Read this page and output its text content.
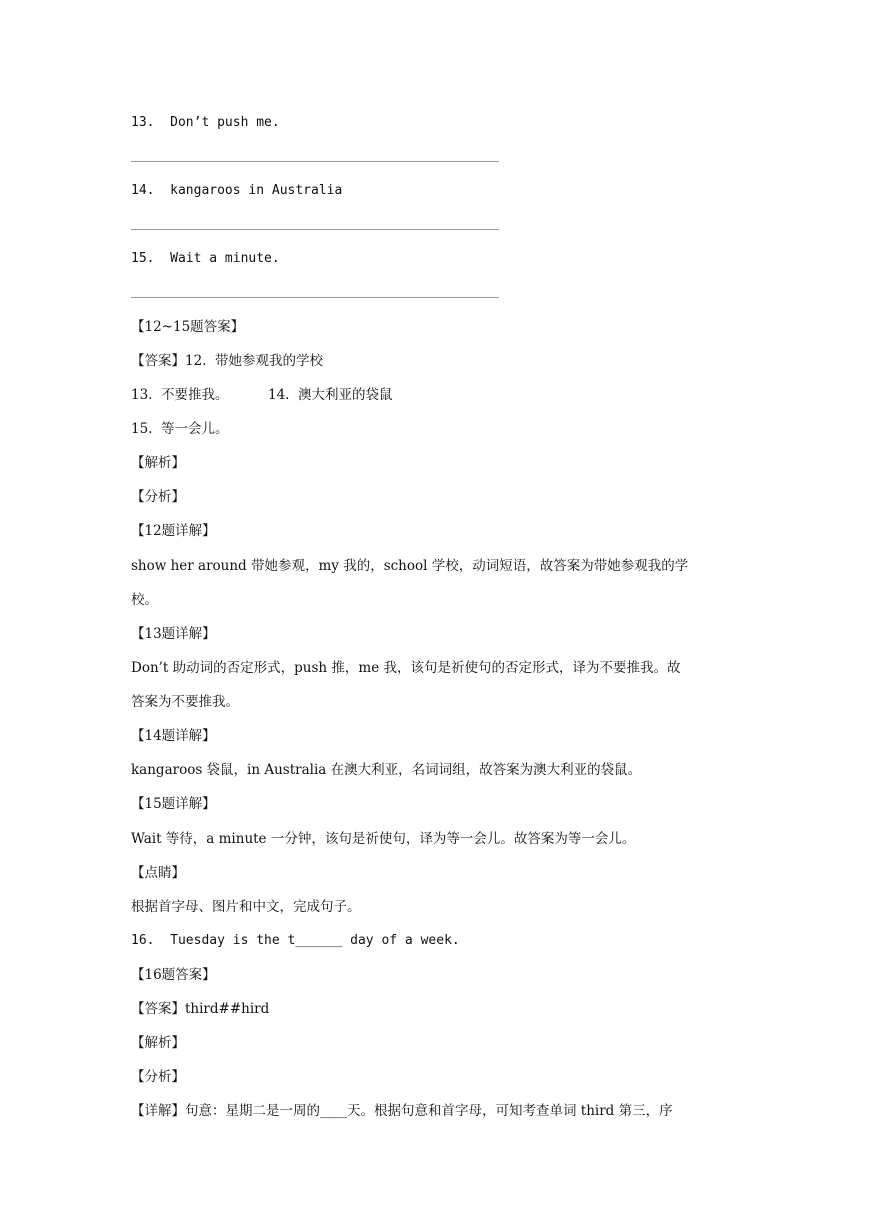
13.  Don’t push me.
14.  kangaroos in Australia
15.  Wait a minute.
【12~15题答案】
【答案】12.  带她参观我的学校
13.  不要推我。	14.  澳大利亚的袋鼠
15.  等一会儿。
【解析】
【分析】
【12题详解】
show her around 带她参观，my 我的，school 学校，动词短语，故答案为带她参观我的学
校。
【13题详解】
Don’t 助动词的否定形式，push 推，me 我，该句是祈使句的否定形式，译为不要推我。故
答案为不要推我。
【14题详解】
kangaroos 袋鼠，in Australia 在澳大利亚，名词词组，故答案为澳大利亚的袋鼠。
【15题详解】
Wait 等待，a minute 一分钟，该句是祈使句，译为等一会儿。故答案为等一会儿。
【点睛】
根据首字母、图片和中文，完成句子。
16.  Tuesday is the t______ day of a week.
【16题答案】
【答案】third##hird
【解析】
【分析】
【详解】句意：星期二是一周的____天。根据句意和首字母，可知考查单词 third 第三，序
